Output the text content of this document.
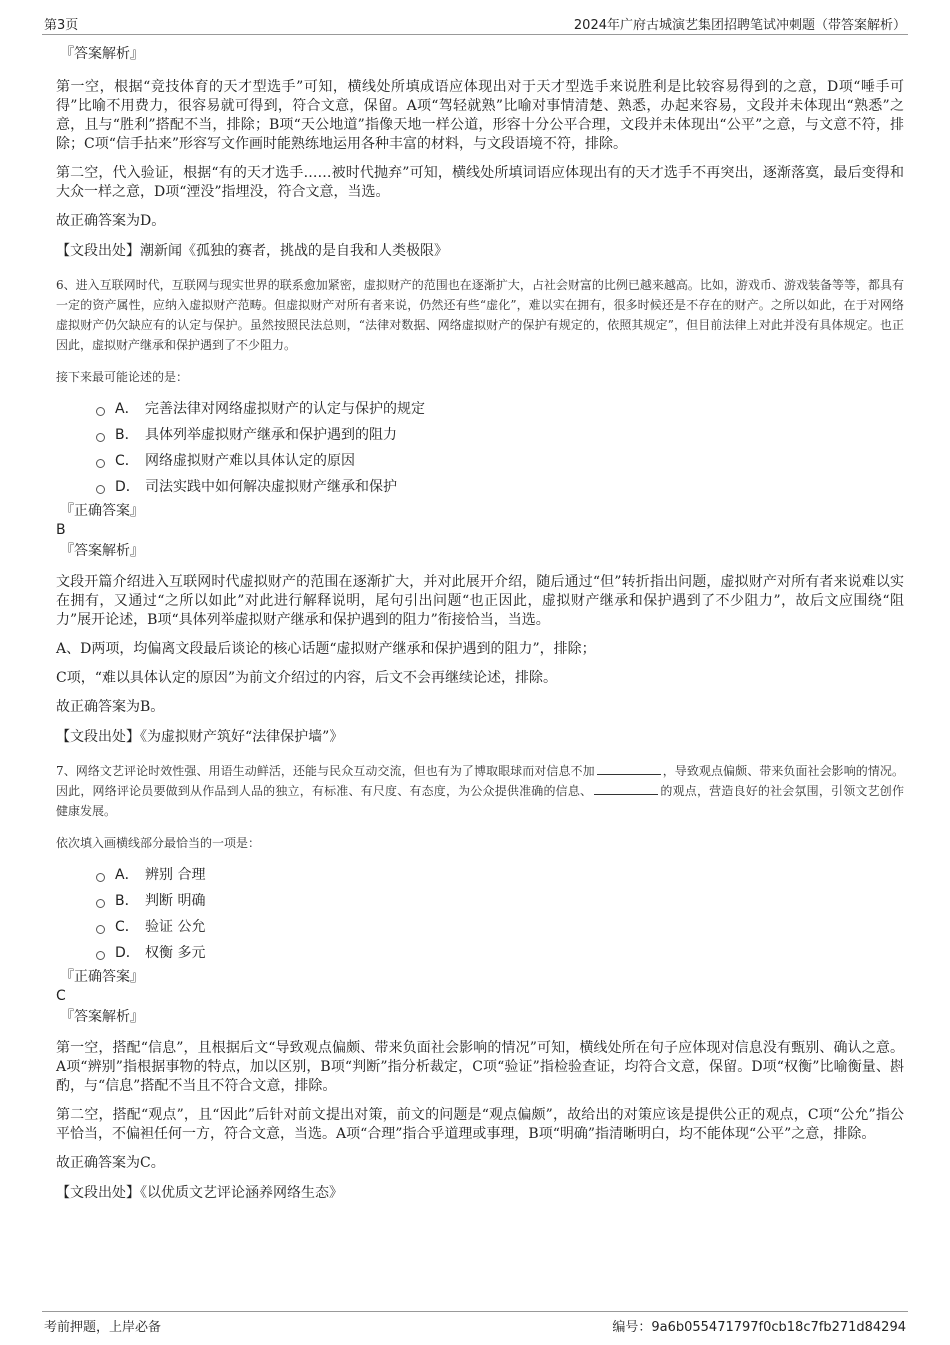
第3页	2024年广府古城演艺集团招聘笔试冲刺题（带答案解析）
『答案解析』
第一空，根据“竞技体育的天才型选手”可知，横线处所填成语应体现出对于天才型选手来说胜利是比较容易得到的之意，D项“唾手可得”比喻不用费力，很容易就可得到，符合文意，保留。A项“驾轻就熟”比喻对事情清楚、熟悉，办起来容易，文段并未体现出“熟悉”之意，且与“胜利”搭配不当，排除；B项“天公地道”指像天地一样公道，形容十分公平合理，文段并未体现出“公平”之意，与文意不符，排除；C项“信手拈来”形容写文作画时能熟练地运用各种丰富的材料，与文段语境不符，排除。
第二空，代入验证，根据“有的天才选手……被时代抛弃”可知，横线处所填词语应体现出有的天才选手不再突出，逐渐落寞，最后变得和大众一样之意，D项“湮没”指埋没，符合文意，当选。
故正确答案为D。
【文段出处】潮新闻《孤独的赛者，挑战的是自我和人类极限》
6、进入互联网时代，互联网与现实世界的联系愈加紧密，虚拟财产的范围也在逐渐扩大，占社会财富的比例已越来越高。比如，游戏币、游戏装备等等，都具有一定的资产属性，应纳入虚拟财产范畴。但虚拟财产对所有者来说，仍然还有些“虚化”，难以实在拥有，很多时候还是不存在的财产。之所以如此，在于对网络虚拟财产仍欠缺应有的认定与保护。虽然按照民法总则，“法律对数据、网络虚拟财产的保护有规定的，依照其规定”，但目前法律上对此并没有具体规定。也正因此，虚拟财产继承和保护遇到了不少阻力。
接下来最可能论述的是：
A． 完善法律对网络虚拟财产的认定与保护的规定
B． 具体列举虚拟财产继承和保护遇到的阻力
C． 网络虚拟财产难以具体认定的原因
D． 司法实践中如何解决虚拟财产继承和保护
『正确答案』
B
『答案解析』
文段开篇介绍进入互联网时代虚拟财产的范围在逐渐扩大，并对此展开介绍，随后通过“但”转折指出问题，虚拟财产对所有者来说难以实在拥有，又通过“之所以如此”对此进行解释说明，尾句引出问题“也正因此，虚拟财产继承和保护遇到了不少阻力”，故后文应围绕“阻力”展开论述，B项“具体列举虚拟财产继承和保护遇到的阻力”衔接恰当，当选。
A、D两项，均偏离文段最后谈论的核心话题“虚拟财产继承和保护遇到的阻力”，排除；
C项，“难以具体认定的原因”为前文介绍过的内容，后文不会再继续论述，排除。
故正确答案为B。
【文段出处】《为虚拟财产筑好“法律保护墙”》
7、网络文艺评论时效性强、用语生动鲜活，还能与民众互动交流，但也有为了博取眼球而对信息不加	，导致观点偏颇、带来负面社会影响的情况。因此，网络评论员要做到从作品到人品的独立，有标准、有尺度、有态度，为公众提供准确的信息、	的观点，营造良好的社会氛围，引领文艺创作健康发展。
依次填入画横线部分最恰当的一项是：
A． 辨别 合理
B． 判断 明确
C． 验证 公允
D． 权衡 多元
『正确答案』
C
『答案解析』
第一空，搭配“信息”，且根据后文“导致观点偏颇、带来负面社会影响的情况”可知，横线处所在句子应体现对信息没有甄别、确认之意。A项“辨别”指根据事物的特点，加以区别，B项“判断”指分析裁定，C项“验证”指检验查证，均符合文意，保留。D项“权衡”比喻衡量、斟酌，与“信息”搭配不当且不符合文意，排除。
第二空，搭配“观点”，且“因此”后针对前文提出对策，前文的问题是“观点偏颇”，故给出的对策应该是提供公正的观点，C项“公允”指公平恰当，不偏袒任何一方，符合文意，当选。A项“合理”指合乎道理或事理，B项“明确”指清晰明白，均不能体现“公平”之意，排除。
故正确答案为C。
【文段出处】《以优质文艺评论涵养网络生态》
考前押题，上岸必备	编号：9a6b055471797f0cb18c7fb271d84294
